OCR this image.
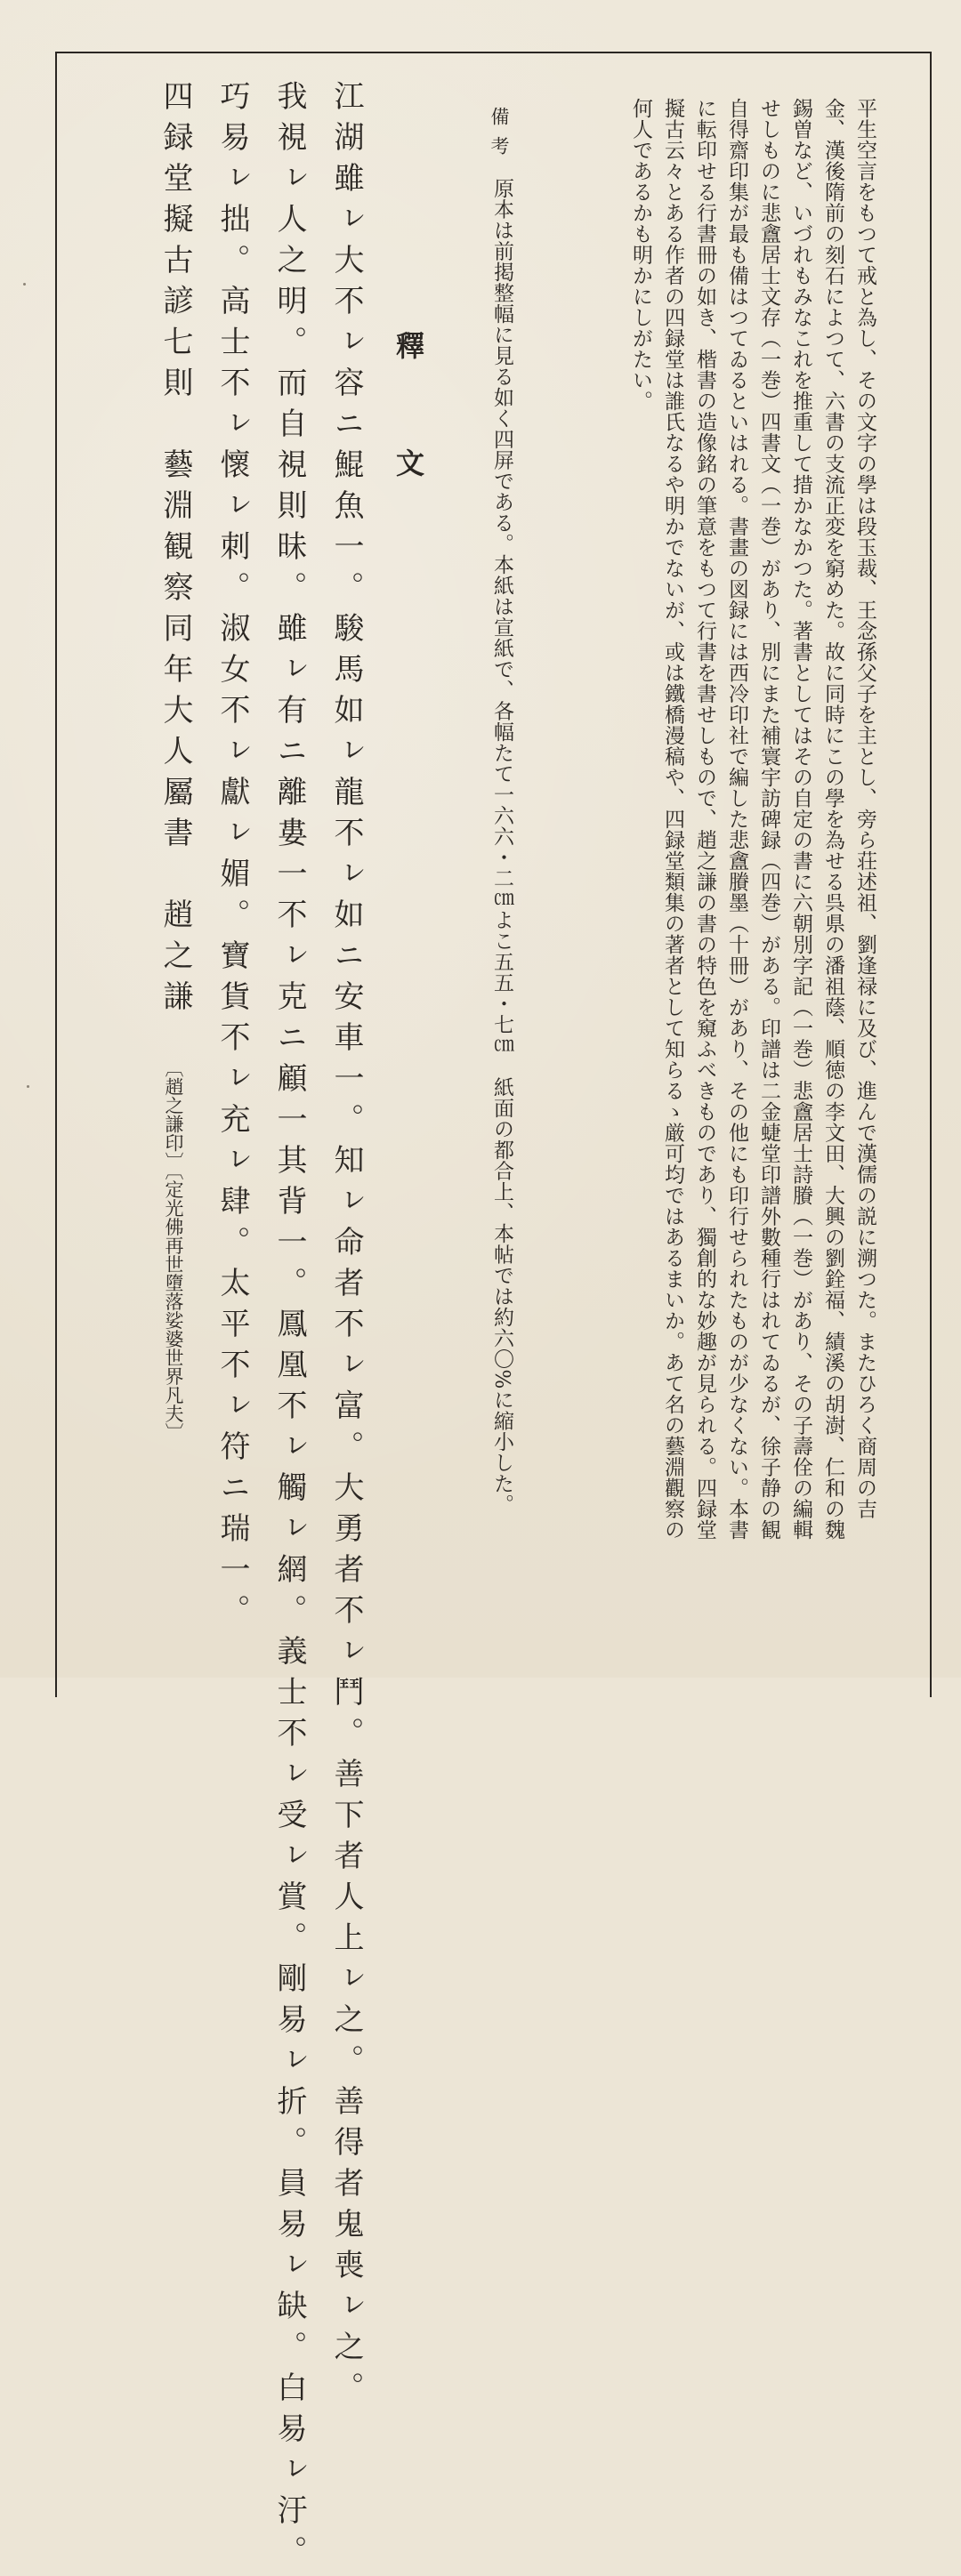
平生空言をもつて戒と為し、その文字の學は段玉裁、王念孫父子を主とし、旁ら荘述祖、劉逢禄に及び、進んで漢儒の説に溯つた。またひろく商周の吉
金、漢後隋前の刻石によつて、六書の支流正変を窮めた。故に同時にこの學を為せる呉県の潘祖蔭、順徳の李文田、大興の劉銓福、績溪の胡澍、仁和の魏
錫曽など、いづれもみなこれを推重して措かなかつた。著書としてはその自定の書に六朝別字記（一巻）悲盦居士詩賸（一巻）があり、その子壽佺の編輯
せしものに悲盦居士文存（一巻）四書文（一巻）があり、別にまた補寰宇訪碑録（四巻）がある。印譜は二金蜨堂印譜外數種行はれてゐるが、徐子静の観
自得齋印集が最も備はつてゐるといはれる。書畫の図録には西冷印社で編した悲盦賸墨（十冊）があり、その他にも印行せられたものが少なくない。本書
に転印せる行書冊の如き、楷書の造像銘の筆意をもつて行書を書せしもので、趙之謙の書の特色を窺ふべきものであり、獨創的な妙趣が見られる。四録堂
擬古云々とある作者の四録堂は誰氏なるや明かでないが、或は鐵橋漫稿や、四録堂類集の著者として知らるゝ厳可均ではあるまいか。あて名の藝淵觀察の
何人であるかも明かにしがたい。
備考
原本は前掲整幅に見る如く四屏である。本紙は宣紙で、各幅たて一六六・二㎝よこ五五・七㎝　紙面の都合上、本帖では約六〇%に縮小した。
釋文
江湖雖ㇾ大不ㇾ容ニ鯤魚一。駿馬如ㇾ龍不ㇾ如ニ安車一。知ㇾ命者不ㇾ富。大勇者不ㇾ鬥。善下者人上ㇾ之。善得者鬼喪ㇾ之。
我視ㇾ人之明。而自視則昧。雖ㇾ有ニ離婁一不ㇾ克ニ顧一其背一。鳳凰不ㇾ觸ㇾ網。義士不ㇾ受ㇾ賞。剛易ㇾ折。員易ㇾ缺。白易ㇾ汙。
巧易ㇾ拙。高士不ㇾ懷ㇾ刺。淑女不ㇾ獻ㇾ媚。寶貨不ㇾ充ㇾ肆。太平不ㇾ符ニ瑞一。
四録堂擬古諺七則　藝淵観察同年大人屬書　趙之謙
〔趙之謙印〕〔定光佛再世墮落娑婆世界凡夫〕
